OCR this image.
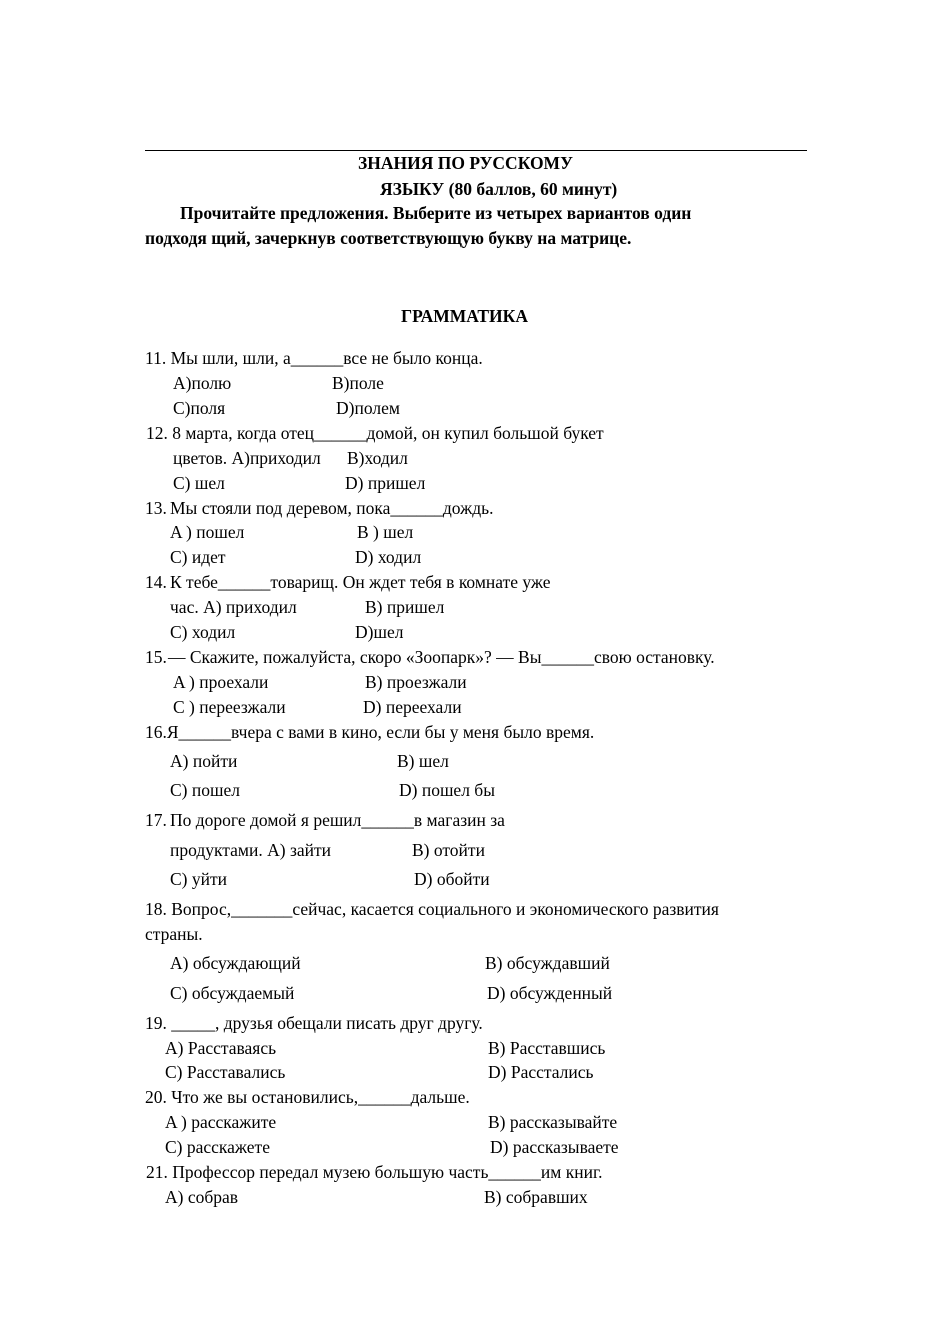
ЗНАНИЯ ПО РУССКОМУ
ЯЗЫКУ (80 баллов, 60 минут)
Прочитайте предложения. Выберите из четырех вариантов один
подходя щий, зачеркнув соответствующую букву на матрице.
ГРАММАТИКА
11. Мы шли, шли, а______все не было конца.
A)полю	B)поле
C)поля	D)полем
12. 8 марта, когда отец______домой, он купил большой букет
цветов. A)приходил B)ходил
C) шел	D) пришел
13. Мы стояли под деревом, пока______дождь.
A ) пошел	B ) шел
C) идет	D) ходил
14. К тебе______товарищ. Он ждет тебя в комнате уже
час. A) приходил	B) пришел
C) ходил	D)шел
15. — Скажите, пожалуйста, скоро «Зоопарк»? — Вы______свою остановку.
A ) проехали	B) проезжали
C ) переезжали	D) переехали
16.Я______вчера с вами в кино, если бы у меня было время.
A) пойти	B) шел
C) пошел	D) пошел бы
17. По дороге домой я решил______в магазин за
продуктами. A) зайти	B) отойти
C) уйти	D) обойти
18. Вопрос,_______сейчас, касается социального и экономического развития
страны.
A) обсуждающий	B) обсуждавший
C) обсуждаемый	D) обсужденный
19. _____, друзья обещали писать друг другу.
A) Расставаясь	B) Расставшись
C) Расставались	D) Расстались
20. Что же вы остановились,______дальше.
A ) расскажите	B) рассказывайте
C) расскажете	D) рассказываете
21. Профессор передал музею большую часть______им книг.
A) собрав	B) собравших
